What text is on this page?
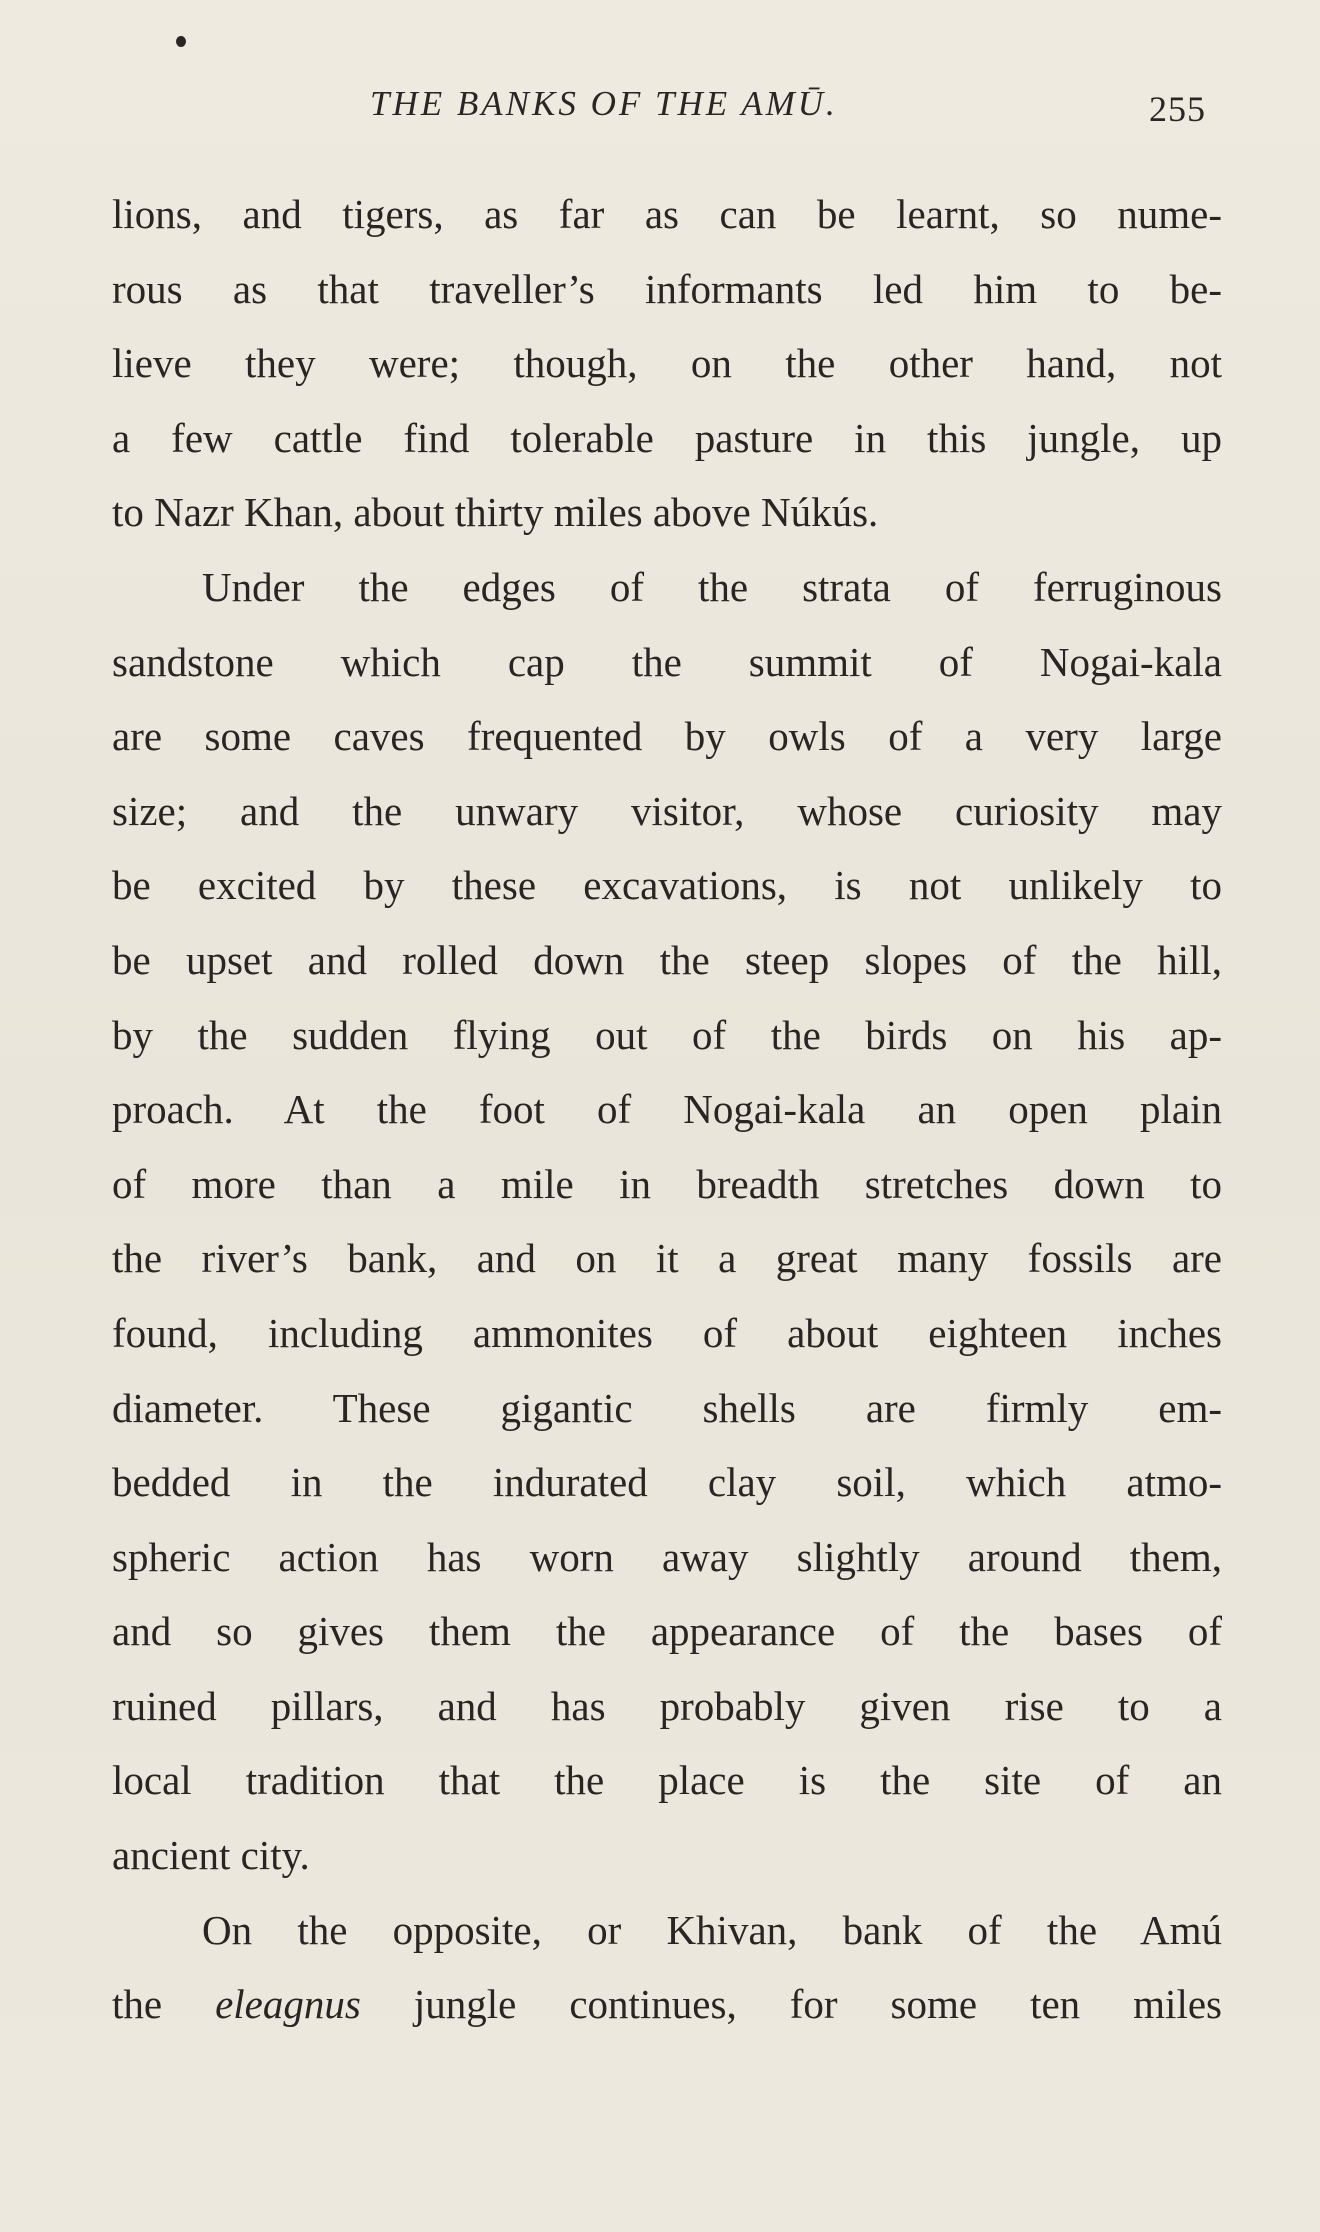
THE BANKS OF THE AMŪ.	255
lions, and tigers, as far as can be learnt, so nume-
rous as that traveller’s informants led him to be-
lieve they were; though, on the other hand, not
a few cattle find tolerable pasture in this jungle, up
to Nazr Khan, about thirty miles above Núkús.
Under the edges of the strata of ferruginous
sandstone which cap the summit of Nogai-kala
are some caves frequented by owls of a very large
size; and the unwary visitor, whose curiosity may
be excited by these excavations, is not unlikely to
be upset and rolled down the steep slopes of the hill,
by the sudden flying out of the birds on his ap-
proach. At the foot of Nogai-kala an open plain
of more than a mile in breadth stretches down to
the river’s bank, and on it a great many fossils are
found, including ammonites of about eighteen inches
diameter. These gigantic shells are firmly em-
bedded in the indurated clay soil, which atmo-
spheric action has worn away slightly around them,
and so gives them the appearance of the bases of
ruined pillars, and has probably given rise to a
local tradition that the place is the site of an
ancient city.
On the opposite, or Khivan, bank of the Amú
the eleagnus jungle continues, for some ten miles
